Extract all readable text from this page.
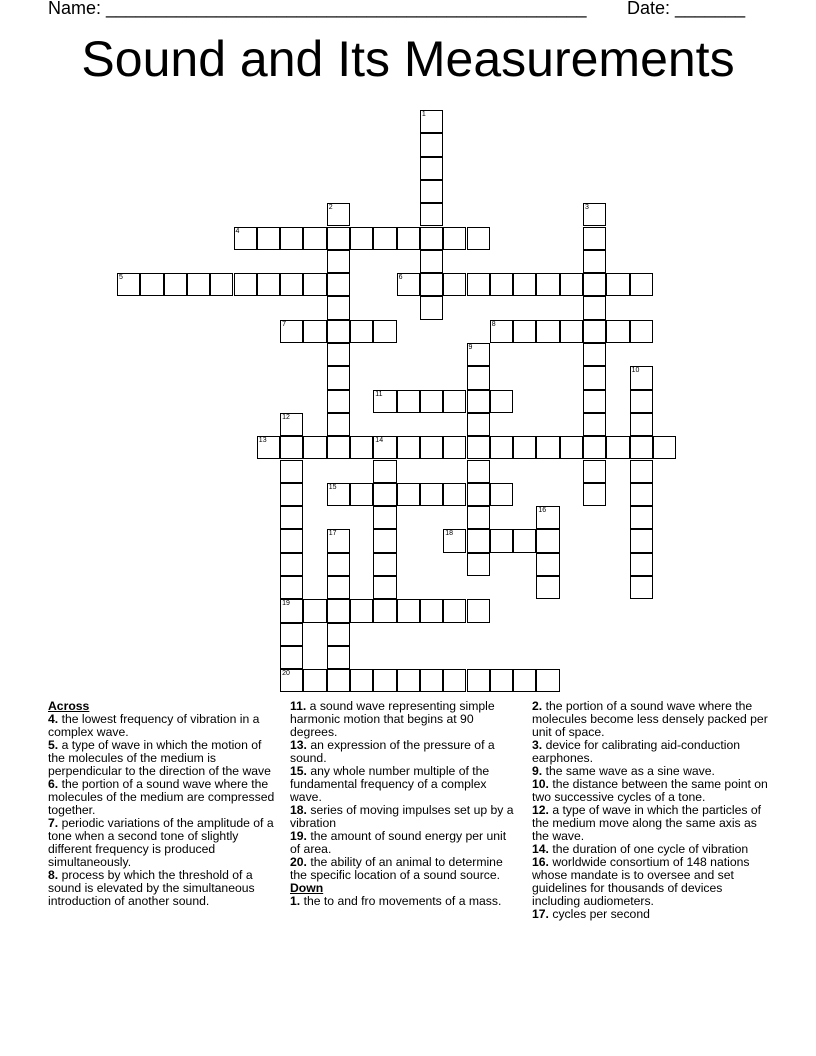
Name: ________________________________________________ Date: _______
Sound and Its Measurements
1
2	3
4
5	6
7	8
9
10
11
12
19
20
13	14
15
16
17	18

Across

4. the lowest frequency of vibration in a complex wave.

5. a type of wave in which the motion of the molecules of the medium is perpendicular to the direction of the wave

6. the portion of a sound wave where the molecules of the medium are compressed together.

7. periodic variations of the amplitude of a tone when a second tone of slightly different frequency is produced simultaneously.

8. process by which the threshold of a sound is elevated by the simultaneous introduction of another sound.

11. a sound wave representing simple harmonic motion that begins at 90 degrees.

13. an expression of the pressure of a sound.

15. any whole number multiple of the fundamental frequency of a complex wave.

18. series of moving impulses set up by a vibration

19. the amount of sound energy per unit of area.

20. the ability of an animal to determine the specific location of a sound source.

Down

1. the to and fro movements of a mass.

2. the portion of a sound wave where the molecules become less densely packed per unit of space.

3. device for calibrating aid-conduction earphones.

9. the same wave as a sine wave.

10. the distance between the same point on two successive cycles of a tone.

12. a type of wave in which the particles of the medium move along the same axis as the wave.

14. the duration of one cycle of vibration

16. worldwide consortium of 148 nations whose mandate is to oversee and set guidelines for thousands of devices including audiometers.

17. cycles per second
